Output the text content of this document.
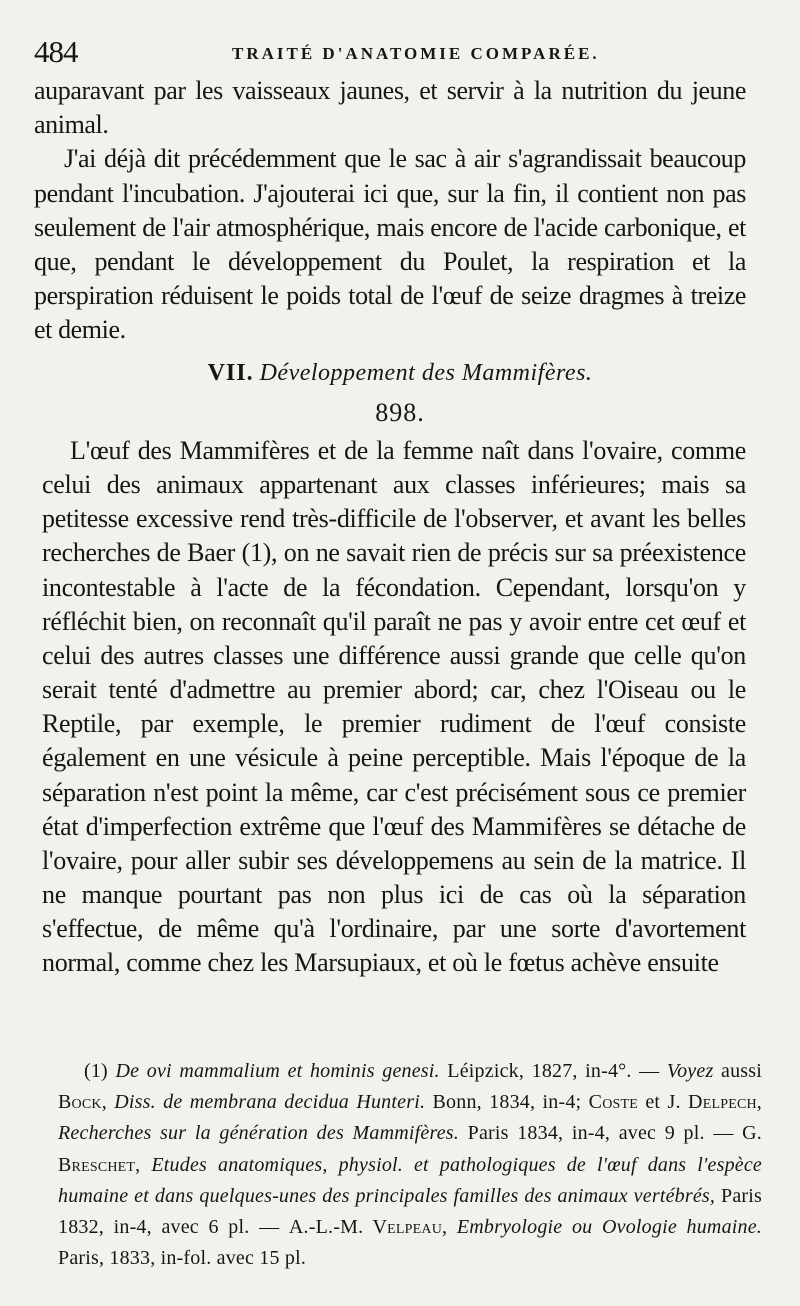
484	TRAITÉ D'ANATOMIE COMPARÉE.

auparavant par les vaisseaux jaunes, et servir à la nutrition du jeune animal.

J'ai déjà dit précédemment que le sac à air s'agrandissait beaucoup pendant l'incubation. J'ajouterai ici que, sur la fin, il contient non pas seulement de l'air atmosphérique, mais encore de l'acide carbonique, et que, pendant le développement du Poulet, la respiration et la perspiration réduisent le poids total de l'œuf de seize dragmes à treize et demie.

VII. Développement des Mammifères.
898.

L'œuf des Mammifères et de la femme naît dans l'ovaire, comme celui des animaux appartenant aux classes inférieures; mais sa petitesse excessive rend très-difficile de l'observer, et avant les belles recherches de Baer (1), on ne savait rien de précis sur sa préexistence incontestable à l'acte de la fécondation. Cependant, lorsqu'on y réfléchit bien, on reconnaît qu'il paraît ne pas y avoir entre cet œuf et celui des autres classes une différence aussi grande que celle qu'on serait tenté d'admettre au premier abord; car, chez l'Oiseau ou le Reptile, par exemple, le premier rudiment de l'œuf consiste également en une vésicule à peine perceptible. Mais l'époque de la séparation n'est point la même, car c'est précisément sous ce premier état d'imperfection extrême que l'œuf des Mammifères se détache de l'ovaire, pour aller subir ses développemens au sein de la matrice. Il ne manque pourtant pas non plus ici de cas où la séparation s'effectue, de même qu'à l'ordinaire, par une sorte d'avortement normal, comme chez les Marsupiaux, et où le fœtus achève ensuite

(1) De ovi mammalium et hominis genesi. Léipzick, 1827, in-4°. — Voyez aussi Bock, Diss. de membrana decidua Hunteri. Bonn, 1834, in-4; Coste et J. Delpech, Recherches sur la génération des Mammifères. Paris 1834, in-4, avec 9 pl. — G. Breschet, Etudes anatomiques, physiol. et pathologiques de l'œuf dans l'espèce humaine et dans quelques-unes des principales familles des animaux vertébrés, Paris 1832, in-4, avec 6 pl. — A.-L.-M. Velpeau, Embryologie ou Ovologie humaine. Paris, 1833, in-fol. avec 15 pl.
